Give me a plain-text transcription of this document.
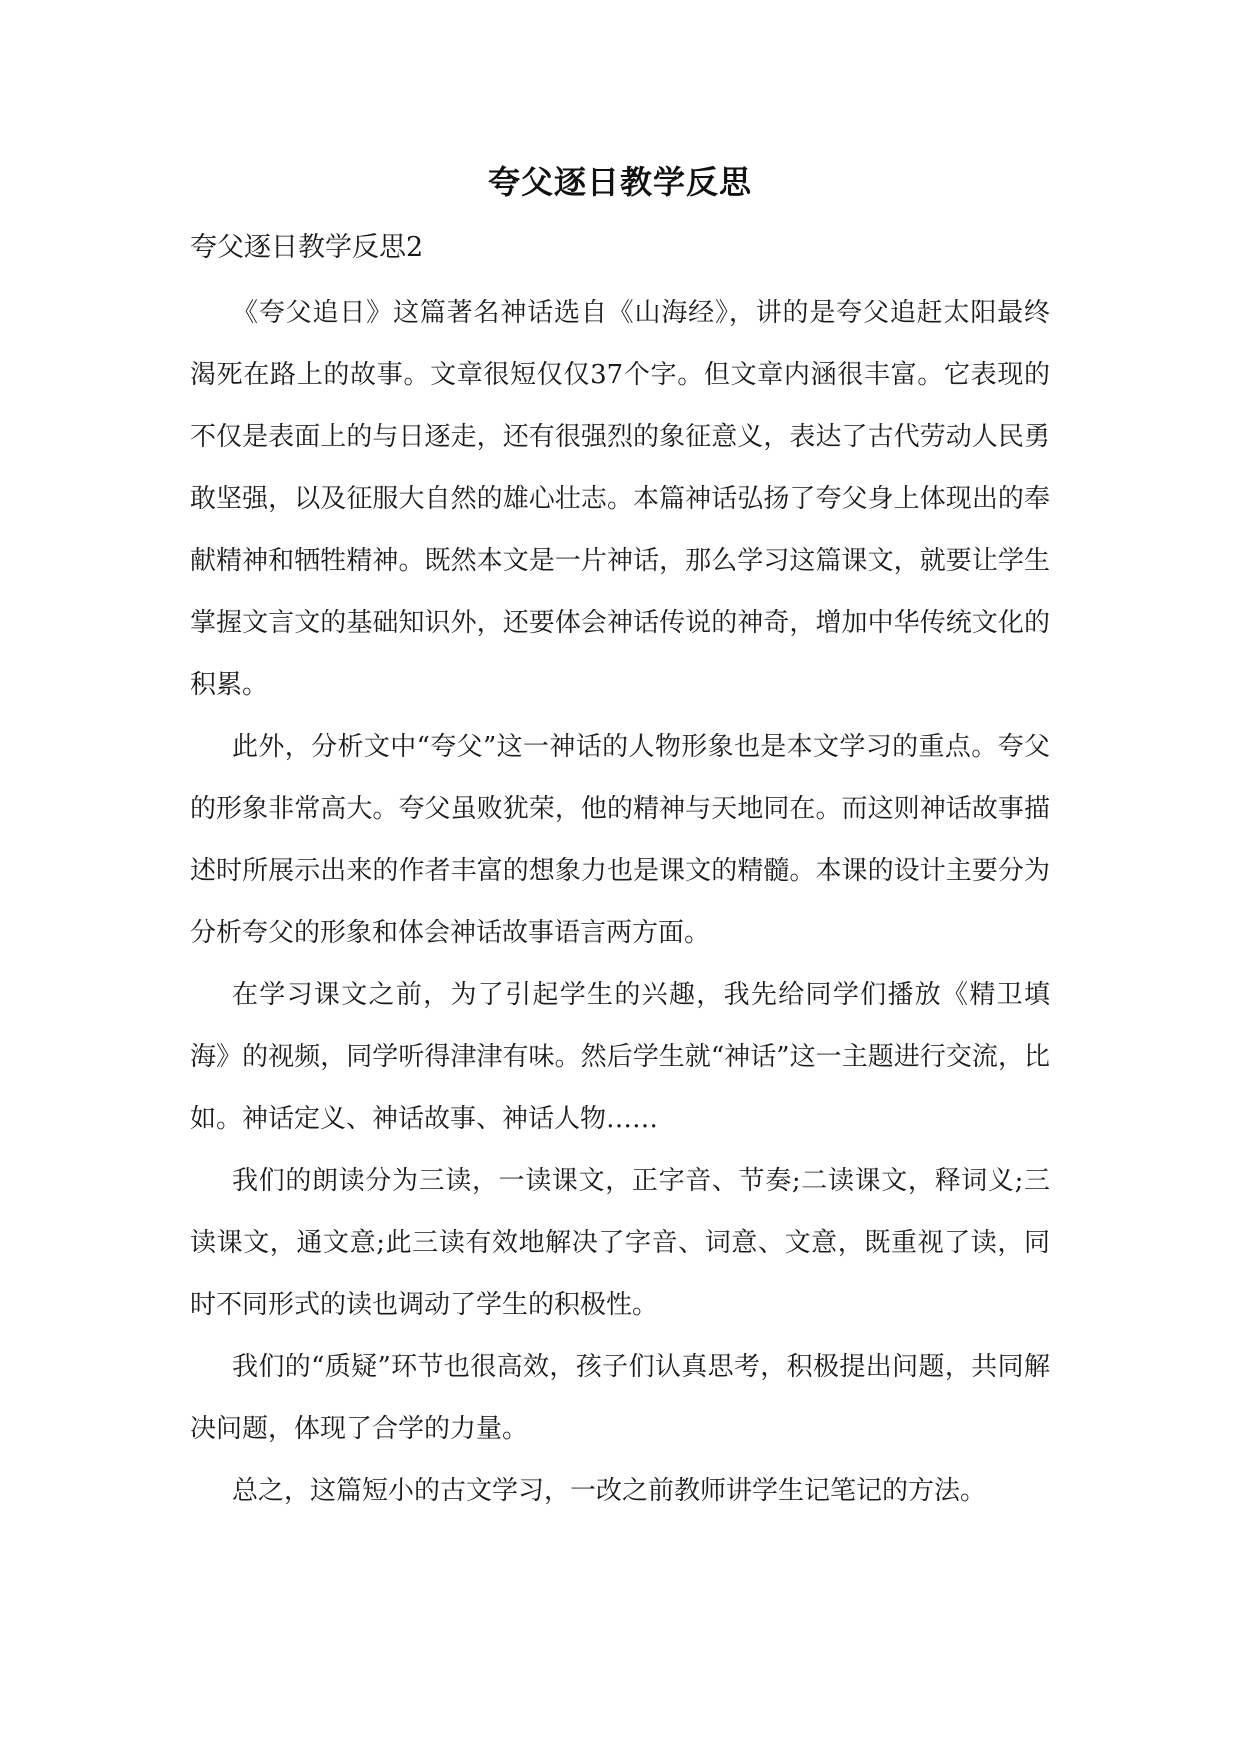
夸父逐日教学反思
夸父逐日教学反思2

《夸父追日》这篇著名神话选自《山海经》，讲的是夸父追赶太阳最终渴死在路上的故事。文章很短仅仅37个字。但文章内涵很丰富。它表现的不仅是表面上的与日逐走，还有很强烈的象征意义，表达了古代劳动人民勇敢坚强，以及征服大自然的雄心壮志。本篇神话弘扬了夸父身上体现出的奉献精神和牺牲精神。既然本文是一片神话，那么学习这篇课文，就要让学生掌握文言文的基础知识外，还要体会神话传说的神奇，增加中华传统文化的积累。

此外，分析文中“夸父”这一神话的人物形象也是本文学习的重点。夸父的形象非常高大。夸父虽败犹荣，他的精神与天地同在。而这则神话故事描述时所展示出来的作者丰富的想象力也是课文的精髓。本课的设计主要分为分析夸父的形象和体会神话故事语言两方面。

在学习课文之前，为了引起学生的兴趣，我先给同学们播放《精卫填海》的视频，同学听得津津有味。然后学生就“神话”这一主题进行交流，比如。神话定义、神话故事、神话人物……

我们的朗读分为三读，一读课文，正字音、节奏;二读课文，释词义;三读课文，通文意;此三读有效地解决了字音、词意、文意，既重视了读，同时不同形式的读也调动了学生的积极性。

我们的“质疑”环节也很高效，孩子们认真思考，积极提出问题，共同解决问题，体现了合学的力量。

总之，这篇短小的古文学习，一改之前教师讲学生记笔记的方法。
